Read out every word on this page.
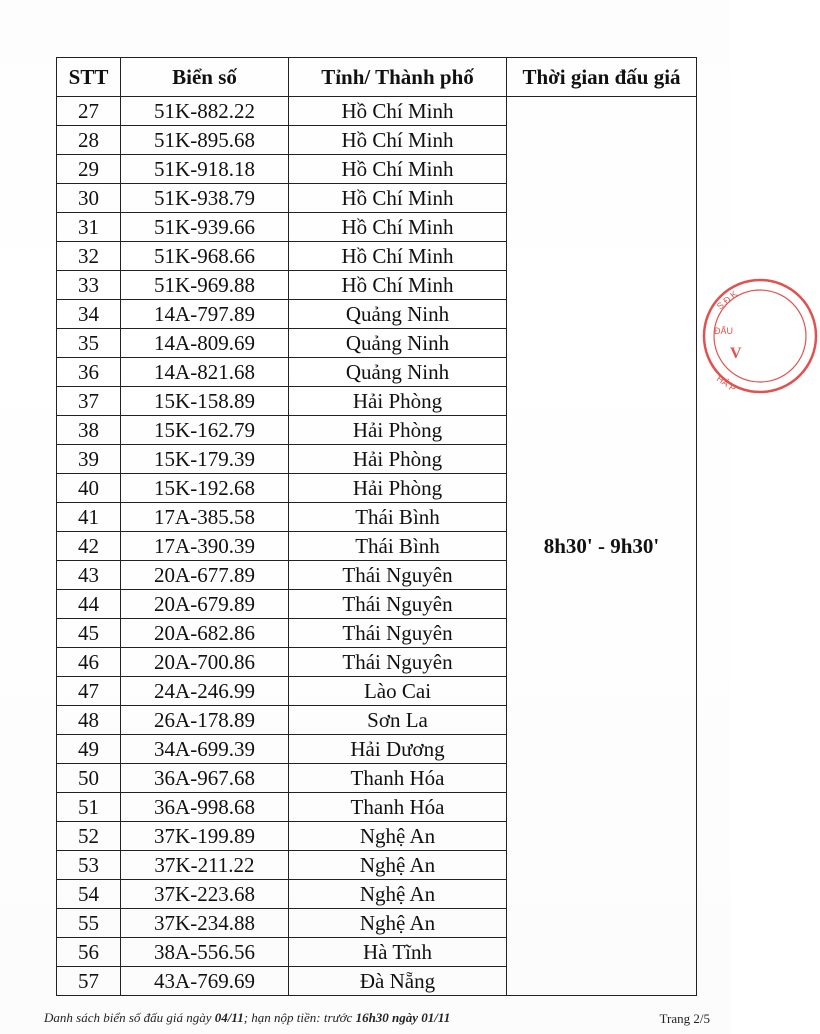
STT	Biển số	Tỉnh/ Thành phố	Thời gian đấu giá
27	51K-882.22	Hồ Chí Minh	8h30' - 9h30'
28	51K-895.68	Hồ Chí Minh	
29	51K-918.18	Hồ Chí Minh	
30	51K-938.79	Hồ Chí Minh	
31	51K-939.66	Hồ Chí Minh	
32	51K-968.66	Hồ Chí Minh	
33	51K-969.88	Hồ Chí Minh	
34	14A-797.89	Quảng Ninh	
35	14A-809.69	Quảng Ninh	
36	14A-821.68	Quảng Ninh	
37	15K-158.89	Hải Phòng	
38	15K-162.79	Hải Phòng	
39	15K-179.39	Hải Phòng	
40	15K-192.68	Hải Phòng	
41	17A-385.58	Thái Bình	
42	17A-390.39	Thái Bình	
43	20A-677.89	Thái Nguyên	
44	20A-679.89	Thái Nguyên	
45	20A-682.86	Thái Nguyên	
46	20A-700.86	Thái Nguyên	
47	24A-246.99	Lào Cai	
48	26A-178.89	Sơn La	
49	34A-699.39	Hải Dương	
50	36A-967.68	Thanh Hóa	
51	36A-998.68	Thanh Hóa	
52	37K-199.89	Nghệ An	
53	37K-211.22	Nghệ An	
54	37K-223.68	Nghệ An	
55	37K-234.88	Nghệ An	
56	38A-556.56	Hà Tĩnh	
57	43A-769.69	Đà Nẵng	
Danh sách biển số đấu giá ngày 04/11; hạn nộp tiền: trước 16h30 ngày 01/11	Trang 2/5
S.Đ.K
ĐẤU
V
HẢ P
